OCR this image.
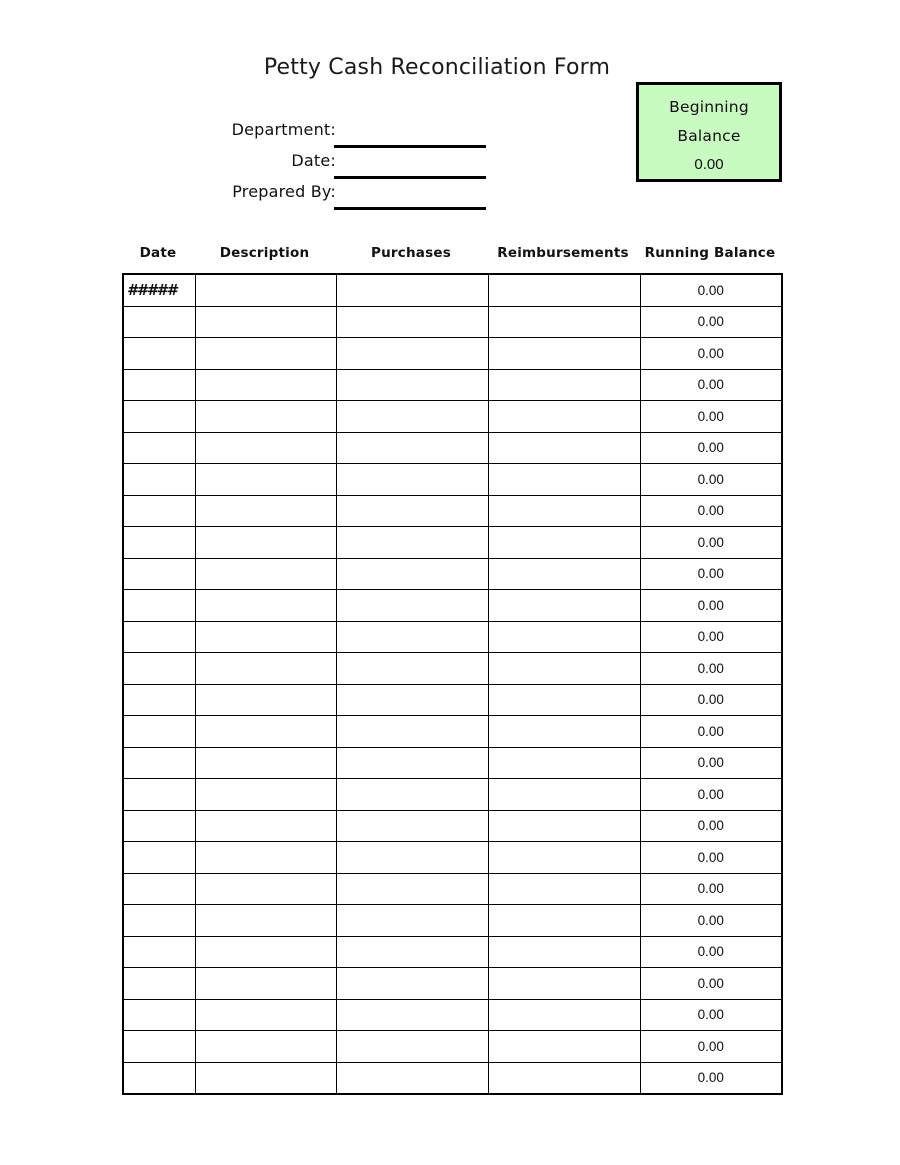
Petty Cash Reconciliation Form
Beginning
Balance
0.00
Department:
Date:
Prepared By:
Date	Description	Purchases	Reimbursements	Running Balance
#####				0.00
				0.00
				0.00
				0.00
				0.00
				0.00
				0.00
				0.00
				0.00
				0.00
				0.00
				0.00
				0.00
				0.00
				0.00
				0.00
				0.00
				0.00
				0.00
				0.00
				0.00
				0.00
				0.00
				0.00
				0.00
				0.00
